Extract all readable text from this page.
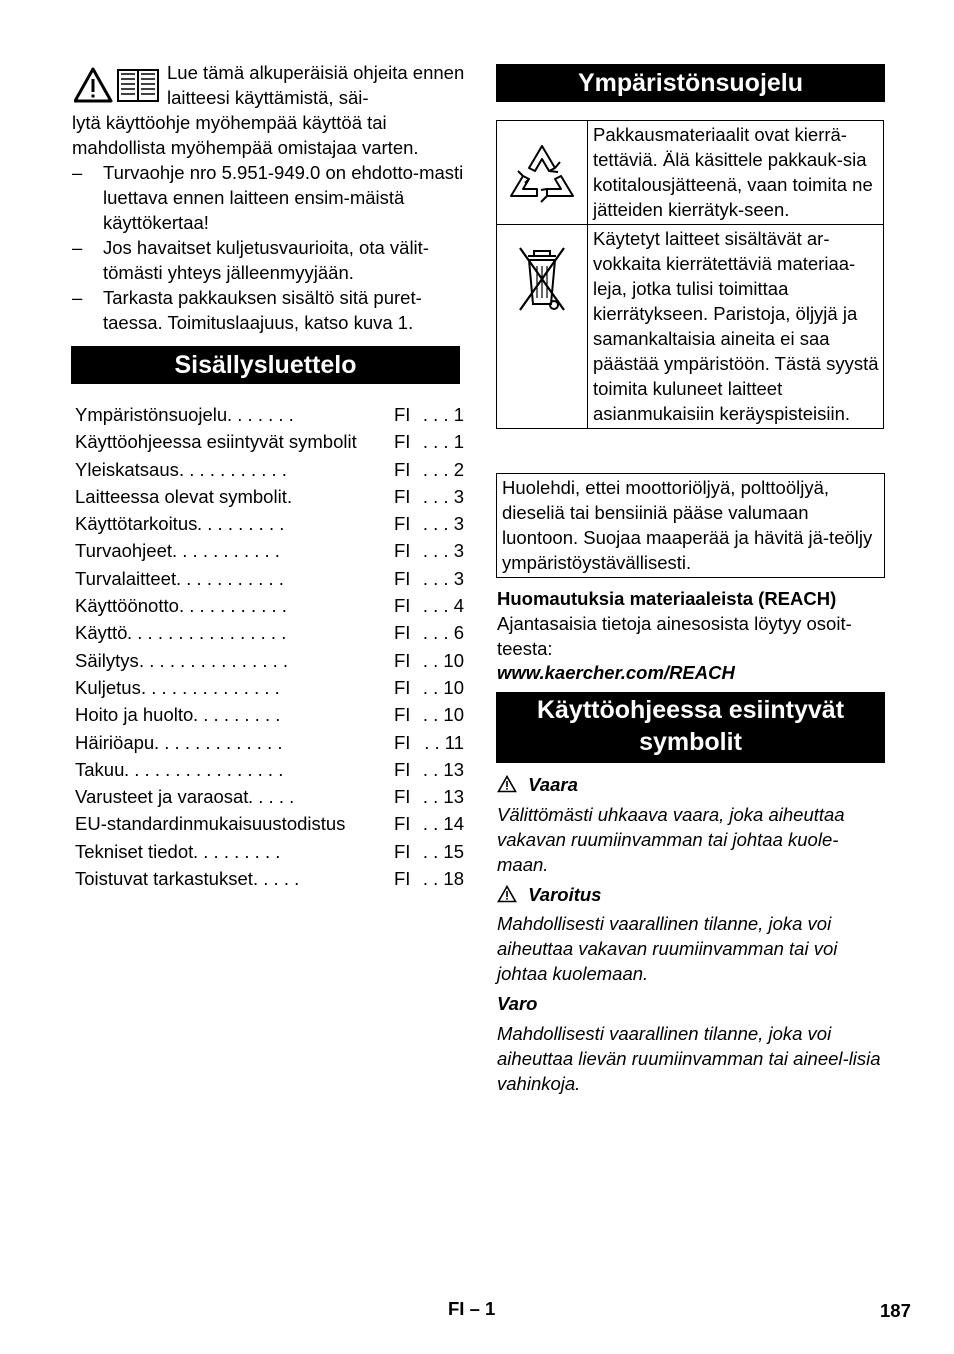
Lue tämä alkuperäisiä ohjeita ennen laitteesi käyttämistä, säi-
lytä käyttöohje myöhempää käyttöä tai mahdollista myöhempää omistajaa varten.
– Turvaohje nro 5.951-949.0 on ehdotto-masti luettava ennen laitteen ensim-mäistä käyttökertaa!
– Jos havaitset kuljetusvaurioita, ota välit-tömästi yhteys jälleenmyyjään.
– Tarkasta pakkauksen sisältö sitä puret-taessa. Toimituslaajuus, katso kuva 1.
Sisällysluettelo
Ympäristönsuojelu . . . . . . .	FI . . . 1
Käyttöohjeessa esiintyvät symbolit FI . . . 1
Yleiskatsaus . . . . . . . . . . .	FI . . . 2
Laitteessa olevat symbolit .	FI . . . 3
Käyttötarkoitus . . . . . . . . .	FI . . . 3
Turvaohjeet . . . . . . . . . . .	FI . . . 3
Turvalaitteet . . . . . . . . . . .	FI . . . 3
Käyttöönotto . . . . . . . . . . .	FI . . . 4
Käyttö . . . . . . . . . . . . . . . .	FI . . . 6
Säilytys . . . . . . . . . . . . . . .	FI . . 10
Kuljetus . . . . . . . . . . . . . .	FI . . 10
Hoito ja huolto . . . . . . . . .	FI . . 10
Häiriöapu . . . . . . . . . . . . .	FI . . 11
Takuu . . . . . . . . . . . . . . . .	FI . . 13
Varusteet ja varaosat . . . . .	FI . . 13
EU-standardinmukaisuustodistus	FI . . 14
Tekniset tiedot . . . . . . . . .	FI . . 15
Toistuvat tarkastukset . . . . .	FI . . 18
Ympäristönsuojelu
	Pakkausmateriaalit ovat kierrä-tettäviä. Älä käsittele pakkauk-sia kotitalousjätteenä, vaan toimita ne jätteiden kierrätyk-seen.
	Käytetyt laitteet sisältävät ar-vokkaita kierrätettäviä materiaa-leja, jotka tulisi toimittaa kierrätykseen. Paristoja, öljyjä ja samankaltaisia aineita ei saa päästää ympäristöön. Tästä syystä toimita kuluneet laitteet asianmukaisiin keräyspisteisiin.
Huolehdi, ettei moottoriöljyä, polttoöljyä, dieseliä tai bensiiniä pääse valumaan luontoon. Suojaa maaperää ja hävitä jä-teöljy ympäristöystävällisesti.
Huomautuksia materiaaleista (REACH)
Ajantasaisia tietoja ainesosista löytyy osoit-teesta:
www.kaercher.com/REACH
Käyttöohjeessa esiintyvät symbolit
Vaara
Välittömästi uhkaava vaara, joka aiheuttaa vakavan ruumiinvamman tai johtaa kuole-maan.
Varoitus
Mahdollisesti vaarallinen tilanne, joka voi aiheuttaa vakavan ruumiinvamman tai voi johtaa kuolemaan.
Varo
Mahdollisesti vaarallinen tilanne, joka voi aiheuttaa lievän ruumiinvamman tai aineel-lisia vahinkoja.
FI – 1	187
